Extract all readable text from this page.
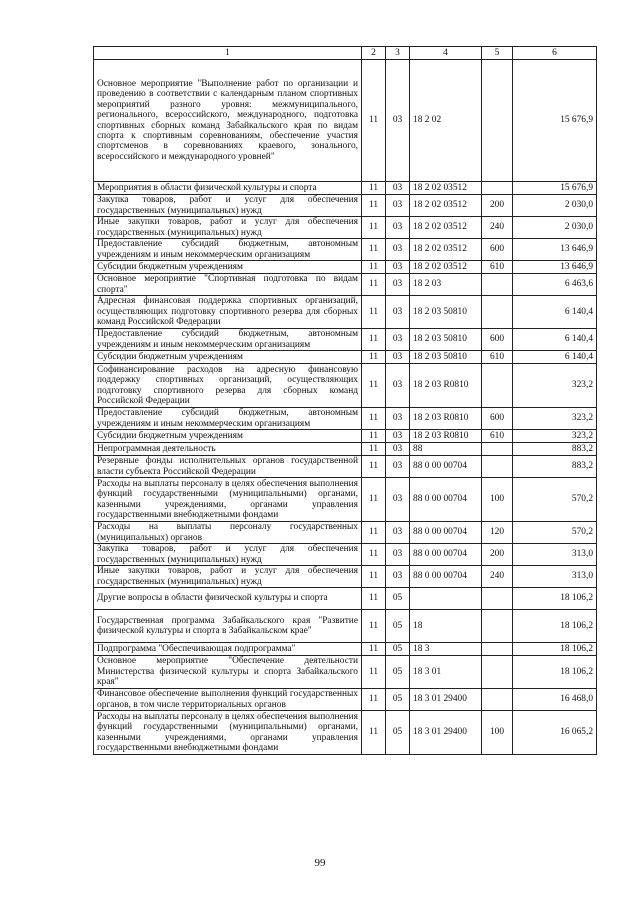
1	2	3	4	5	6
Основное мероприятие "Выполнение работ по организации и проведению в соответствии с календарным планом спортивных мероприятий разного уровня: межмуниципального, регионального, всероссийского, международного, подготовка спортивных сборных команд Забайкальского края по видам спорта к спортивным соревнованиям, обеспечение участия спортсменов в соревнованиях краевого, зонального, всероссийского и международного уровней"	11	03	18 2 02		15 676,9
Мероприятия в области физической культуры и спорта	11	03	18 2 02 03512		15 676,9
Закупка товаров, работ и услуг для обеспечения государственных (муниципальных) нужд	11	03	18 2 02 03512	200	2 030,0
Иные закупки товаров, работ и услуг для обеспечения государственных (муниципальных) нужд	11	03	18 2 02 03512	240	2 030,0
Предоставление субсидий бюджетным, автономным учреждениям и иным некоммерческим организациям	11	03	18 2 02 03512	600	13 646,9
Субсидии бюджетным учреждениям	11	03	18 2 02 03512	610	13 646,9
Основное мероприятие "Спортивная подготовка по видам спорта"	11	03	18 2 03		6 463,6
Адресная финансовая поддержка спортивных организаций, осуществляющих подготовку спортивного резерва для сборных команд Российской Федерации	11	03	18 2 03 50810		6 140,4
Предоставление субсидий бюджетным, автономным учреждениям и иным некоммерческим организациям	11	03	18 2 03 50810	600	6 140,4
Субсидии бюджетным учреждениям	11	03	18 2 03 50810	610	6 140,4
Софинансирование расходов на адресную финансовую поддержку спортивных организаций, осуществляющих подготовку спортивного резерва для сборных команд Российской Федерации	11	03	18 2 03 R0810		323,2
Предоставление субсидий бюджетным, автономным учреждениям и иным некоммерческим организациям	11	03	18 2 03 R0810	600	323,2
Субсидии бюджетным учреждениям	11	03	18 2 03 R0810	610	323,2
Непрограммная деятельность	11	03	88		883,2
Резервные фонды исполнительных органов государственной власти субъекта Российской Федерации	11	03	88 0 00 00704		883,2
Расходы на выплаты персоналу в целях обеспечения выполнения функций государственными (муниципальными) органами, казенными учреждениями, органами управления государственными внебюджетными фондами	11	03	88 0 00 00704	100	570,2
Расходы на выплаты персоналу государственных (муниципальных) органов	11	03	88 0 00 00704	120	570,2
Закупка товаров, работ и услуг для обеспечения государственных (муниципальных) нужд	11	03	88 0 00 00704	200	313,0
Иные закупки товаров, работ и услуг для обеспечения государственных (муниципальных) нужд	11	03	88 0 00 00704	240	313,0
Другие вопросы в области физической культуры и спорта	11	05			18 106,2
Государственная программа Забайкальского края "Развитие физической культуры и спорта в Забайкальском крае"	11	05	18		18 106,2
Подпрограмма "Обеспечивающая подпрограмма"	11	05	18 3		18 106,2
Основное мероприятие "Обеспечение деятельности Министерства физической культуры и спорта Забайкальского края"	11	05	18 3 01		18 106,2
Финансовое обеспечение выполнения функций государственных органов, в том числе территориальных органов	11	05	18 3 01 29400		16 468,0
Расходы на выплаты персоналу в целях обеспечения выполнения функций государственными (муниципальными) органами, казенными учреждениями, органами управления государственными внебюджетными фондами	11	05	18 3 01 29400	100	16 065,2
99
